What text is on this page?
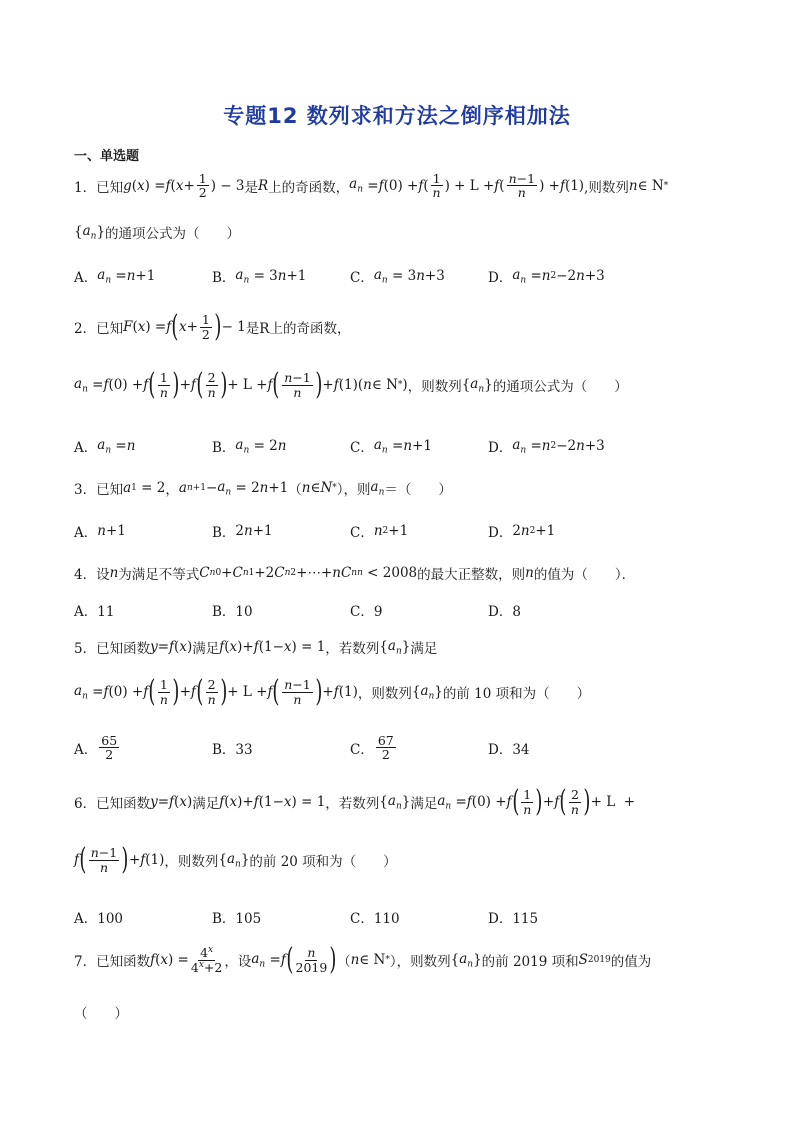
专题12 数列求和方法之倒序相加法
一、单选题
1．已知 g ( x ) = f ( $x + \frac{1}{2}$ ) − 3 是 R 上的奇函数， $a_n = f$ (0) + f ( $\frac{1}{n}$ ) + L + f ( $\frac{n-1}{n}$ ) + f (1) ,则数列 n ∈ N *
{ $a_n$ } 的通项公式为（　　）
A． $a_n = n +1$	B． $a_n = 3$ n +1	C． $a_n = 3$ n +3	D． $a_n = n$ 2 −2 n +3
2．已知 F ( x ) = f ( $x + \frac{1}{2}$ ) − 1 是R上的奇函数，
$a_n = f$ (0) + f ( $\frac{1}{n}$ ) + f ( $\frac{2}{n}$ ) + L + f ( $\frac{n-1}{n}$ ) + f (1)( n ∈ N * ) ，则数列 { $a_n$ } 的通项公式为（　　）
A． $a_n = n$	B． $a_n = 2$ n	C． $a_n = n +1$	D． $a_n = n$ 2 −2 n +3
3．已知 a 1 = 2 ， a $n+1 - a_n = 2$ n +1 （ n ∈ N * ），则 $a_n$ ＝（　　）
A． n +1	B． 2 n +1	C． n 2 +1	D． 2 n 2 +1
4．设 n 为满足不等式 C n 0 + C n 1 +2 C n 2 +⋯+ nC n n < 2008 的最大正整数，则 n 的值为（　　）．
A．11	B．10	C．9	D．8
5．已知函数 y = f ( x ) 满足 f ( x )+ f (1− x ) = 1 ，若数列 { $a_n$ } 满足
$a_n = f$ (0) + f ( $\frac{1}{n}$ ) + f ( $\frac{2}{n}$ ) + L + f ( $\frac{n-1}{n}$ ) + f (1) ，则数列 { $a_n$ } 的前 10 项和为（　　）
A． $\frac{65}{2}$	B．33	C． $\frac{67}{2}$	D．34
6．已知函数 y = f ( x ) 满足 f ( x )+ f (1− x ) = 1 ，若数列 { $a_n$ } 满足 $a_n = f$ (0) + f ( $\frac{1}{n}$ ) + f ( $\frac{2}{n}$ ) + L  +
f ( $\frac{n-1}{n}$ ) + f (1) ，则数列 { $a_n$ } 的前 20 项和为（　　）
A．100	B．105	C．110	D．115
7．已知函数 f ( x ) = $\frac{4^x}{4^x+2}$ ，设 $a_n = f$ ( $\frac{n}{2019}$ ) （ n ∈ N * ），则数列 { $a_n$ } 的前 2019 项和 S 2019 的值为
（　　）
